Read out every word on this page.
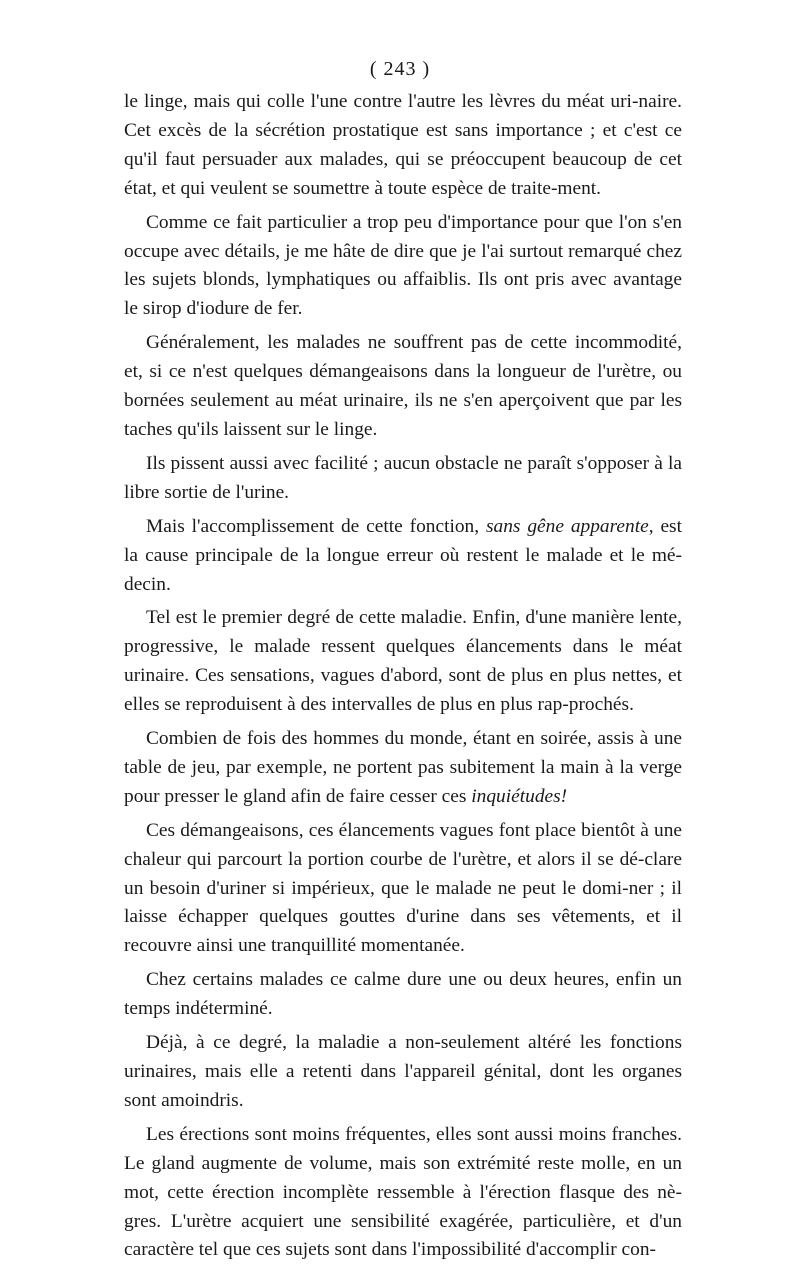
( 243 )

le linge, mais qui colle l'une contre l'autre les lèvres du méat uri-naire. Cet excès de la sécrétion prostatique est sans importance ; et c'est ce qu'il faut persuader aux malades, qui se préoccupent beaucoup de cet état, et qui veulent se soumettre à toute espèce de traite-ment.

Comme ce fait particulier a trop peu d'importance pour que l'on s'en occupe avec détails, je me hâte de dire que je l'ai surtout remarqué chez les sujets blonds, lymphatiques ou affaiblis. Ils ont pris avec avantage le sirop d'iodure de fer.

Généralement, les malades ne souffrent pas de cette incommodité, et, si ce n'est quelques démangeaisons dans la longueur de l'urètre, ou bornées seulement au méat urinaire, ils ne s'en aperçoivent que par les taches qu'ils laissent sur le linge.

Ils pissent aussi avec facilité ; aucun obstacle ne paraît s'opposer à la libre sortie de l'urine.

Mais l'accomplissement de cette fonction, sans gêne apparente, est la cause principale de la longue erreur où restent le malade et le mé-decin.

Tel est le premier degré de cette maladie. Enfin, d'une manière lente, progressive, le malade ressent quelques élancements dans le méat urinaire. Ces sensations, vagues d'abord, sont de plus en plus nettes, et elles se reproduisent à des intervalles de plus en plus rap-prochés.

Combien de fois des hommes du monde, étant en soirée, assis à une table de jeu, par exemple, ne portent pas subitement la main à la verge pour presser le gland afin de faire cesser ces inquiétudes!

Ces démangeaisons, ces élancements vagues font place bientôt à une chaleur qui parcourt la portion courbe de l'urètre, et alors il se dé-clare un besoin d'uriner si impérieux, que le malade ne peut le domi-ner ; il laisse échapper quelques gouttes d'urine dans ses vêtements, et il recouvre ainsi une tranquillité momentanée.

Chez certains malades ce calme dure une ou deux heures, enfin un temps indéterminé.

Déjà, à ce degré, la maladie a non-seulement altéré les fonctions urinaires, mais elle a retenti dans l'appareil génital, dont les organes sont amoindris.

Les érections sont moins fréquentes, elles sont aussi moins franches. Le gland augmente de volume, mais son extrémité reste molle, en un mot, cette érection incomplète ressemble à l'érection flasque des nè-gres. L'urètre acquiert une sensibilité exagérée, particulière, et d'un caractère tel que ces sujets sont dans l'impossibilité d'accomplir con-
